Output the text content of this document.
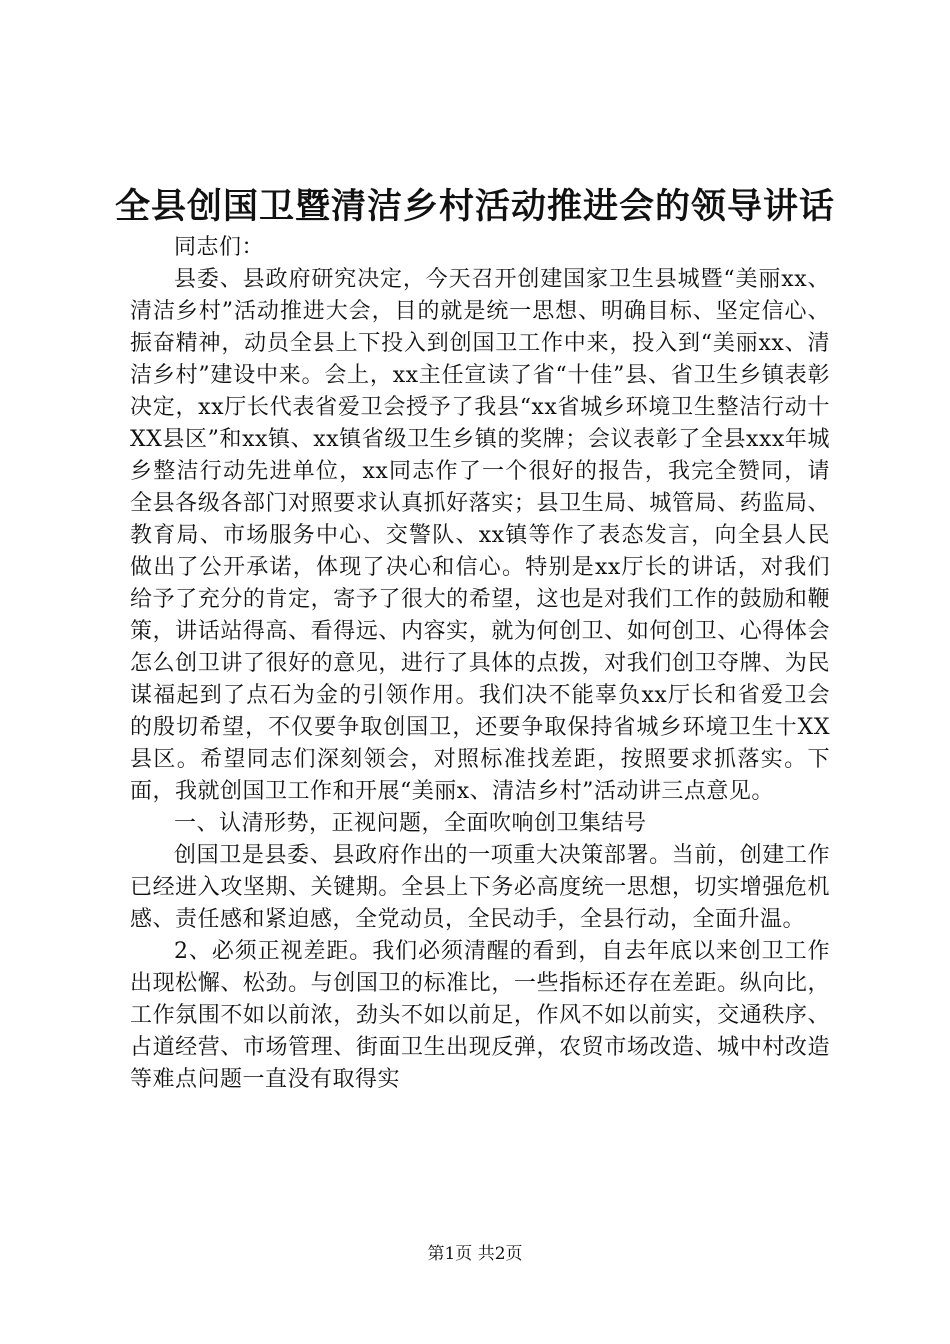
全县创国卫暨清洁乡村活动推进会的领导讲话

同志们：

县委、县政府研究决定，今天召开创建国家卫生县城暨“美丽xx、清洁乡村”活动推进大会，目的就是统一思想、明确目标、坚定信心、振奋精神，动员全县上下投入到创国卫工作中来，投入到“美丽xx、清洁乡村”建设中来。会上，xx主任宣读了省“十佳”县、省卫生乡镇表彰决定，xx厅长代表省爱卫会授予了我县“xx省城乡环境卫生整洁行动十XX县区”和xx镇、xx镇省级卫生乡镇的奖牌；会议表彰了全县xxx年城乡整洁行动先进单位，xx同志作了一个很好的报告，我完全赞同，请全县各级各部门对照要求认真抓好落实；县卫生局、城管局、药监局、教育局、市场服务中心、交警队、xx镇等作了表态发言，向全县人民做出了公开承诺，体现了决心和信心。特别是xx厅长的讲话，对我们给予了充分的肯定，寄予了很大的希望，这也是对我们工作的鼓励和鞭策，讲话站得高、看得远、内容实，就为何创卫、如何创卫、心得体会怎么创卫讲了很好的意见，进行了具体的点拨，对我们创卫夺牌、为民谋福起到了点石为金的引领作用。我们决不能辜负xx厅长和省爱卫会的殷切希望，不仅要争取创国卫，还要争取保持省城乡环境卫生十XX县区。希望同志们深刻领会，对照标准找差距，按照要求抓落实。下面，我就创国卫工作和开展“美丽x、清洁乡村”活动讲三点意见。

一、认清形势，正视问题，全面吹响创卫集结号

创国卫是县委、县政府作出的一项重大决策部署。当前，创建工作已经进入攻坚期、关键期。全县上下务必高度统一思想，切实增强危机感、责任感和紧迫感，全党动员，全民动手，全县行动，全面升温。

2、必须正视差距。我们必须清醒的看到，自去年底以来创卫工作出现松懈、松劲。与创国卫的标准比，一些指标还存在差距。纵向比，工作氛围不如以前浓，劲头不如以前足，作风不如以前实，交通秩序、占道经营、市场管理、街面卫生出现反弹，农贸市场改造、城中村改造等难点问题一直没有取得实

第1页 共2页
